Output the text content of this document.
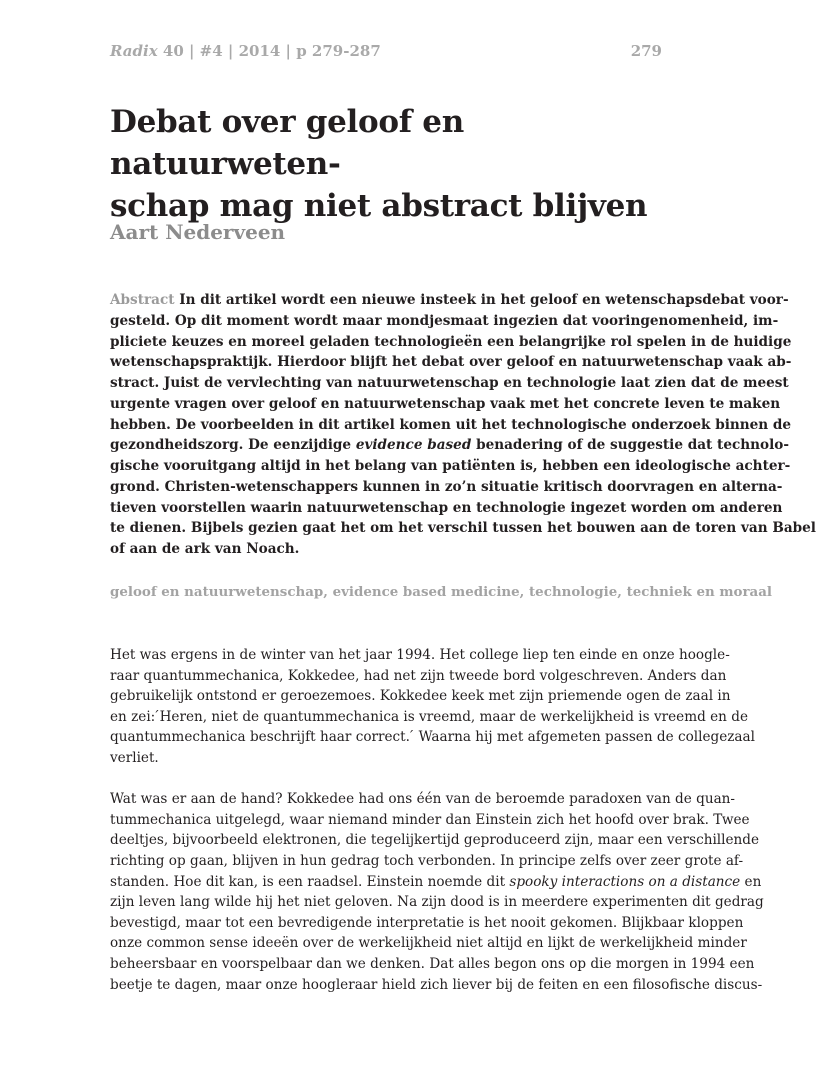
Radix 40 | #4 | 2014 | p 279-287	279
Debat over geloof en natuurweten-
schap mag niet abstract blijven
Aart Nederveen
Abstract In dit artikel wordt een nieuwe insteek in het geloof en wetenschapsdebat voor-
gesteld. Op dit moment wordt maar mondjesmaat ingezien dat vooringenomenheid, im-
pliciete keuzes en moreel geladen technologieën een belangrijke rol spelen in de huidige
wetenschapspraktijk. Hierdoor blijft het debat over geloof en natuurwetenschap vaak ab-
stract. Juist de vervlechting van natuurwetenschap en technologie laat zien dat de meest
urgente vragen over geloof en natuurwetenschap vaak met het concrete leven te maken
hebben. De voorbeelden in dit artikel komen uit het technologische onderzoek binnen de
gezondheidszorg. De eenzijdige evidence based benadering of de suggestie dat technolo-
gische vooruitgang altijd in het belang van patiënten is, hebben een ideologische achter-
grond. Christen-wetenschappers kunnen in zo’n situatie kritisch doorvragen en alterna-
tieven voorstellen waarin natuurwetenschap en technologie ingezet worden om anderen
te dienen. Bijbels gezien gaat het om het verschil tussen het bouwen aan de toren van Babel
of aan de ark van Noach.
geloof en natuurwetenschap, evidence based medicine, technologie, techniek en moraal
Het was ergens in de winter van het jaar 1994. Het college liep ten einde en onze hoogle-
raar quantummechanica, Kokkedee, had net zijn tweede bord volgeschreven. Anders dan
gebruikelijk ontstond er geroezemoes. Kokkedee keek met zijn priemende ogen de zaal in
en zei: ́Heren, niet de quantummechanica is vreemd, maar de werkelijkheid is vreemd en de
quantummechanica beschrijft haar correct. ́ Waarna hij met afgemeten passen de collegezaal
verliet.
Wat was er aan de hand? Kokkedee had ons één van de beroemde paradoxen van de quan-
tummechanica uitgelegd, waar niemand minder dan Einstein zich het hoofd over brak. Twee
deeltjes, bijvoorbeeld elektronen, die tegelijkertijd geproduceerd zijn, maar een verschillende
richting op gaan, blijven in hun gedrag toch verbonden. In principe zelfs over zeer grote af-
standen. Hoe dit kan, is een raadsel. Einstein noemde dit spooky interactions on a distance en
zijn leven lang wilde hij het niet geloven. Na zijn dood is in meerdere experimenten dit gedrag
bevestigd, maar tot een bevredigende interpretatie is het nooit gekomen. Blijkbaar kloppen
onze common sense ideeën over de werkelijkheid niet altijd en lijkt de werkelijkheid minder
beheersbaar en voorspelbaar dan we denken. Dat alles begon ons op die morgen in 1994 een
beetje te dagen, maar onze hoogleraar hield zich liever bij de feiten en een filosofische discus-
